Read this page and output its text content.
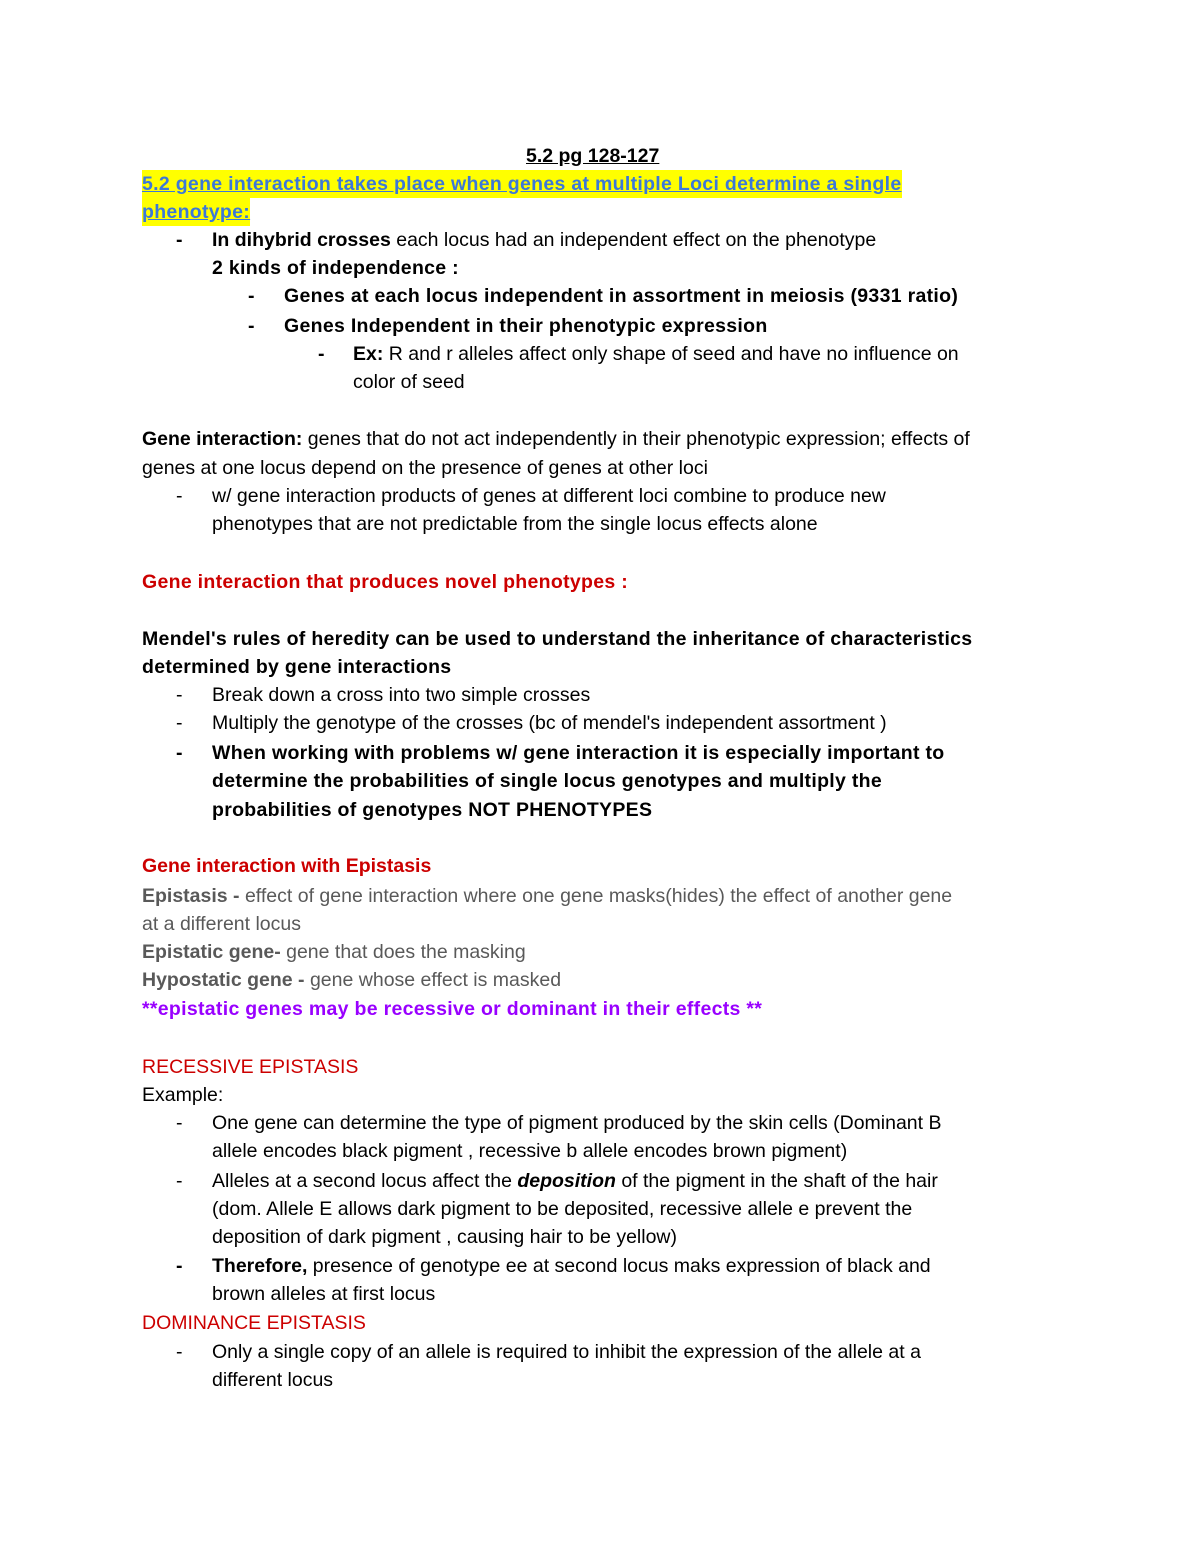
5.2 pg 128-127
5.2 gene interaction takes place when genes at multiple Loci determine a single
phenotype:
- In dihybrid crosses each locus had an independent effect on the phenotype
2 kinds of independence :
- Genes at each locus independent in assortment in meiosis (9331 ratio)
- Genes Independent in their phenotypic expression
- Ex: R and r alleles affect only shape of seed and have no influence on
color of seed
Gene interaction: genes that do not act independently in their phenotypic expression; effects of
genes at one locus depend on the presence of genes at other loci
- w/ gene interaction products of genes at different loci combine to produce new
phenotypes that are not predictable from the single locus effects alone
Gene interaction that produces novel phenotypes :
Mendel's rules of heredity can be used to understand the inheritance of characteristics
determined by gene interactions
- Break down a cross into two simple crosses
- Multiply the genotype of the crosses (bc of mendel's independent assortment )
- When working with problems w/ gene interaction it is especially important to
determine the probabilities of single locus genotypes and multiply the
probabilities of genotypes NOT PHENOTYPES
Gene interaction with Epistasis
Epistasis - effect of gene interaction where one gene masks(hides) the effect of another gene
at a different locus
Epistatic gene- gene that does the masking
Hypostatic gene - gene whose effect is masked
**epistatic genes may be recessive or dominant in their effects **
RECESSIVE EPISTASIS
Example:
- One gene can determine the type of pigment produced by the skin cells (Dominant B
allele encodes black pigment , recessive b allele encodes brown pigment)
- Alleles at a second locus affect the deposition of the pigment in the shaft of the hair
(dom. Allele E allows dark pigment to be deposited, recessive allele e prevent the
deposition of dark pigment , causing hair to be yellow)
- Therefore, presence of genotype ee at second locus maks expression of black and
brown alleles at first locus
DOMINANCE EPISTASIS
- Only a single copy of an allele is required to inhibit the expression of the allele at a
different locus
